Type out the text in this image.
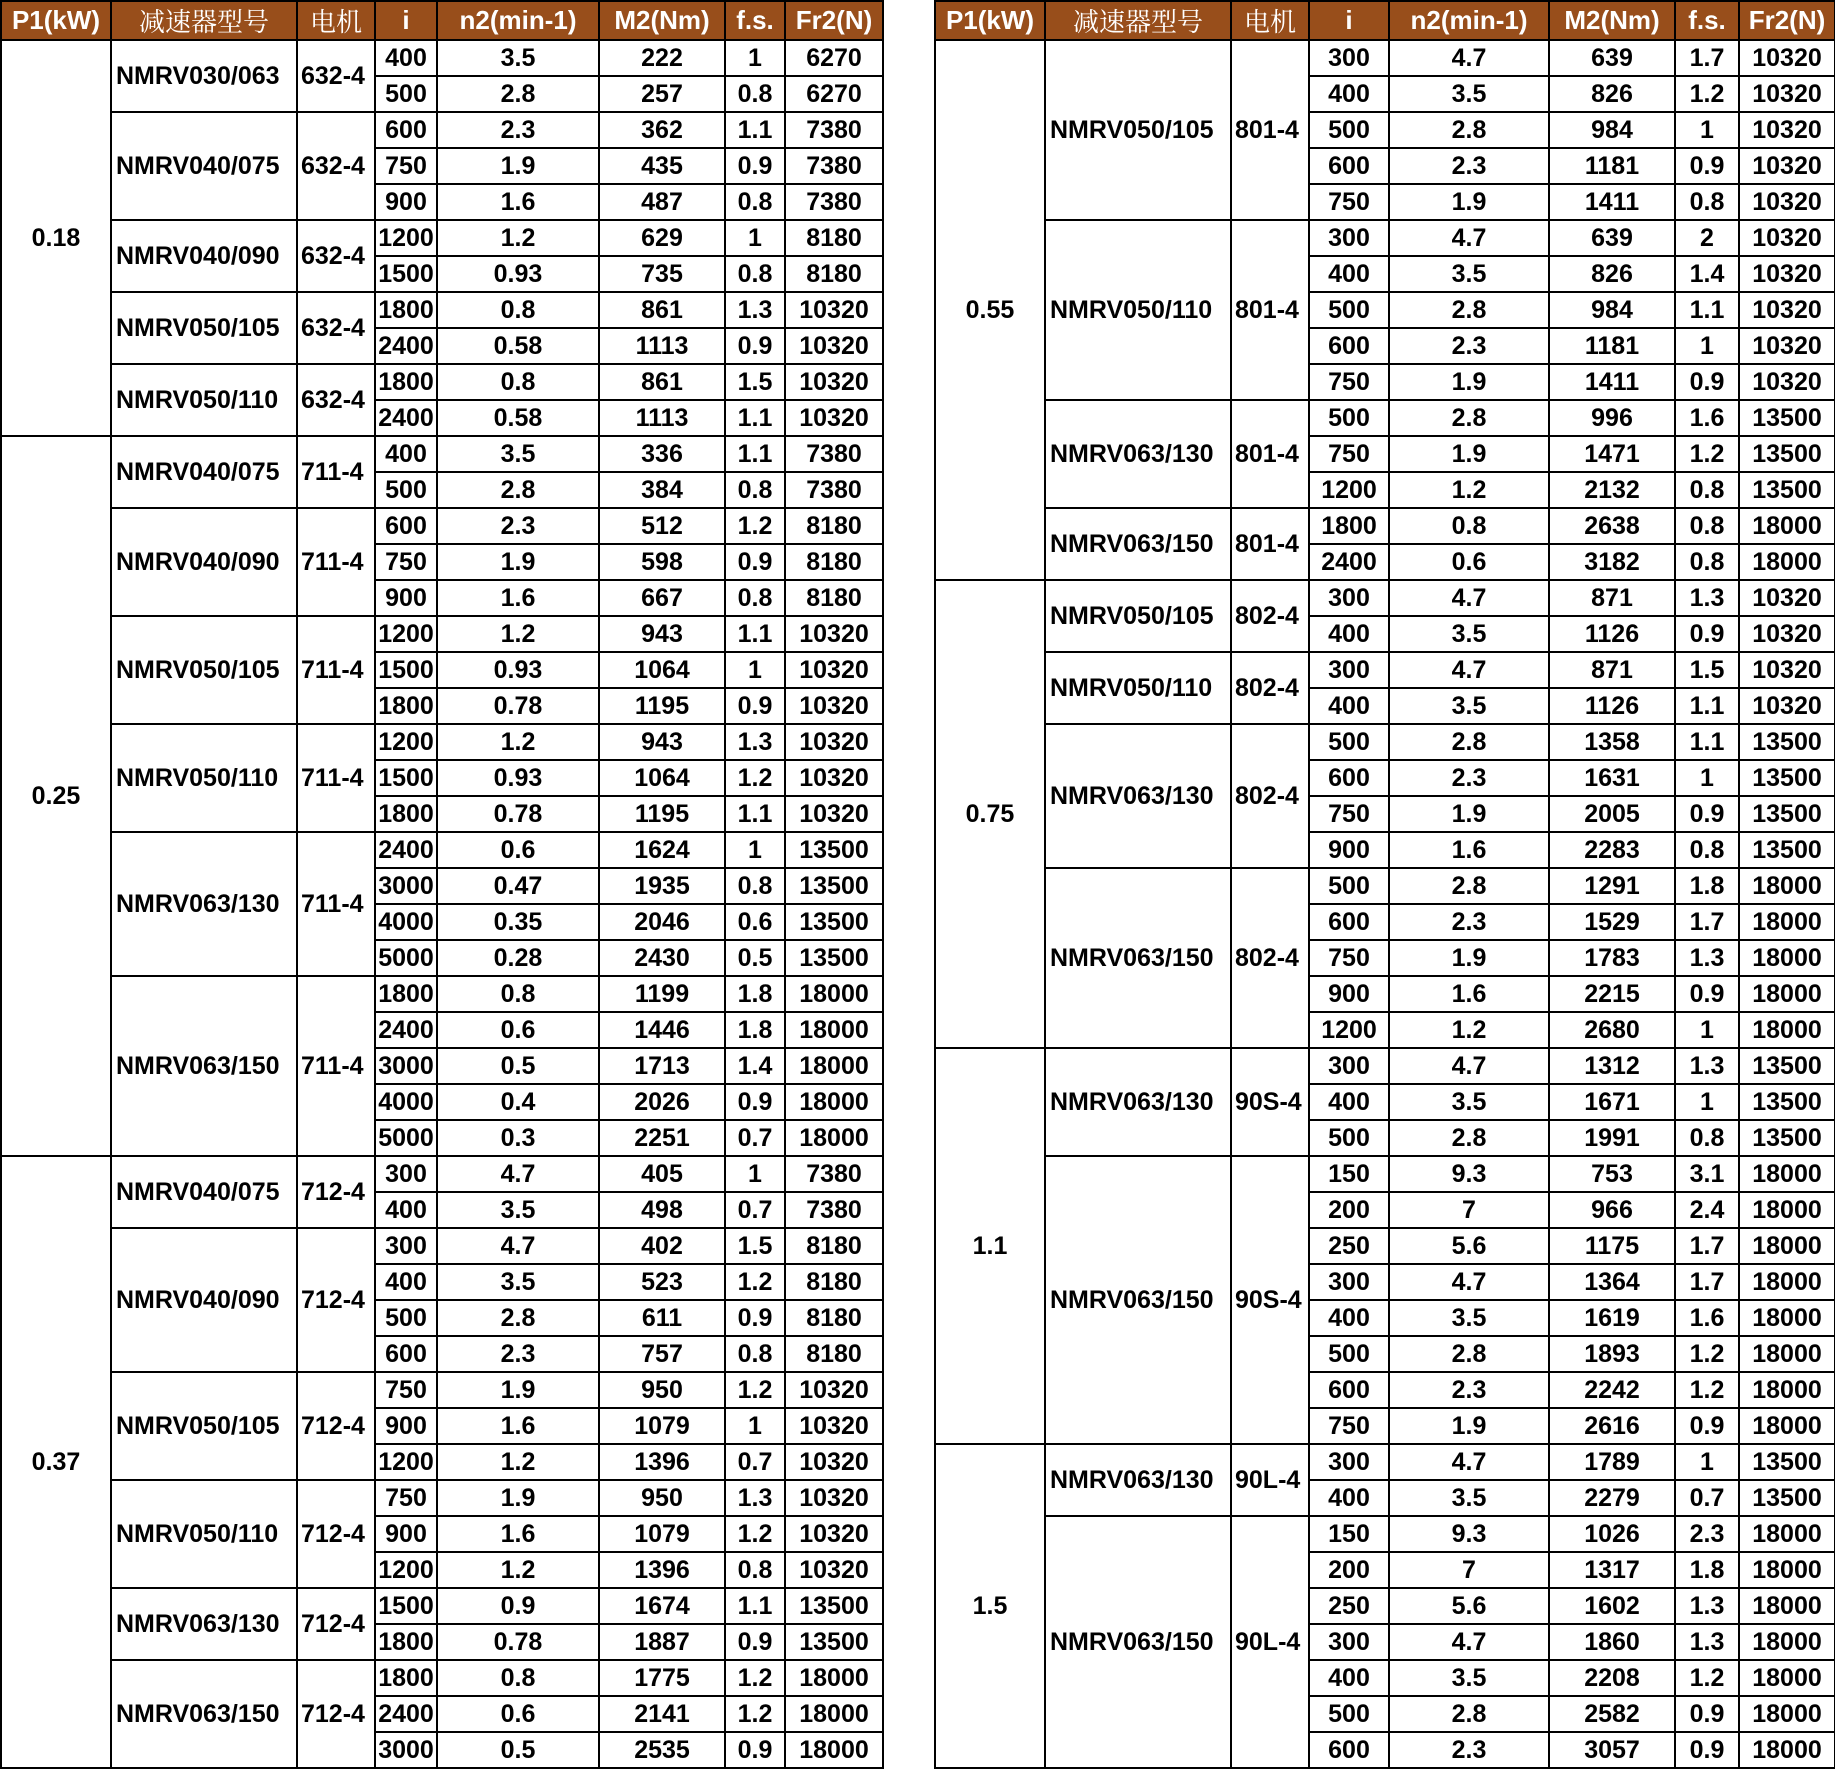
P1(kW)	减速器型号	电机	i	n2(min-1)	M2(Nm)	f.s.	Fr2(N)
0.18	NMRV030/063	632-4	400	3.5	222	1	6270
			500	2.8	257	0.8	6270
	NMRV040/075	632-4	600	2.3	362	1.1	7380
			750	1.9	435	0.9	7380
			900	1.6	487	0.8	7380
	NMRV040/090	632-4	1200	1.2	629	1	8180
			1500	0.93	735	0.8	8180
	NMRV050/105	632-4	1800	0.8	861	1.3	10320
			2400	0.58	1113	0.9	10320
	NMRV050/110	632-4	1800	0.8	861	1.5	10320
			2400	0.58	1113	1.1	10320
0.25	NMRV040/075	711-4	400	3.5	336	1.1	7380
			500	2.8	384	0.8	7380
	NMRV040/090	711-4	600	2.3	512	1.2	8180
			750	1.9	598	0.9	8180
			900	1.6	667	0.8	8180
	NMRV050/105	711-4	1200	1.2	943	1.1	10320
			1500	0.93	1064	1	10320
			1800	0.78	1195	0.9	10320
	NMRV050/110	711-4	1200	1.2	943	1.3	10320
			1500	0.93	1064	1.2	10320
			1800	0.78	1195	1.1	10320
	NMRV063/130	711-4	2400	0.6	1624	1	13500
			3000	0.47	1935	0.8	13500
			4000	0.35	2046	0.6	13500
			5000	0.28	2430	0.5	13500
	NMRV063/150	711-4	1800	0.8	1199	1.8	18000
			2400	0.6	1446	1.8	18000
			3000	0.5	1713	1.4	18000
			4000	0.4	2026	0.9	18000
			5000	0.3	2251	0.7	18000
0.37	NMRV040/075	712-4	300	4.7	405	1	7380
			400	3.5	498	0.7	7380
	NMRV040/090	712-4	300	4.7	402	1.5	8180
			400	3.5	523	1.2	8180
			500	2.8	611	0.9	8180
			600	2.3	757	0.8	8180
	NMRV050/105	712-4	750	1.9	950	1.2	10320
			900	1.6	1079	1	10320
			1200	1.2	1396	0.7	10320
	NMRV050/110	712-4	750	1.9	950	1.3	10320
			900	1.6	1079	1.2	10320
			1200	1.2	1396	0.8	10320
	NMRV063/130	712-4	1500	0.9	1674	1.1	13500
			1800	0.78	1887	0.9	13500
	NMRV063/150	712-4	1800	0.8	1775	1.2	18000
			2400	0.6	2141	1.2	18000
			3000	0.5	2535	0.9	18000
P1(kW)	减速器型号	电机	i	n2(min-1)	M2(Nm)	f.s.	Fr2(N)
0.55	NMRV050/105	801-4	300	4.7	639	1.7	10320
			400	3.5	826	1.2	10320
			500	2.8	984	1	10320
			600	2.3	1181	0.9	10320
			750	1.9	1411	0.8	10320
	NMRV050/110	801-4	300	4.7	639	2	10320
			400	3.5	826	1.4	10320
			500	2.8	984	1.1	10320
			600	2.3	1181	1	10320
			750	1.9	1411	0.9	10320
	NMRV063/130	801-4	500	2.8	996	1.6	13500
			750	1.9	1471	1.2	13500
			1200	1.2	2132	0.8	13500
	NMRV063/150	801-4	1800	0.8	2638	0.8	18000
			2400	0.6	3182	0.8	18000
0.75	NMRV050/105	802-4	300	4.7	871	1.3	10320
			400	3.5	1126	0.9	10320
	NMRV050/110	802-4	300	4.7	871	1.5	10320
			400	3.5	1126	1.1	10320
	NMRV063/130	802-4	500	2.8	1358	1.1	13500
			600	2.3	1631	1	13500
			750	1.9	2005	0.9	13500
			900	1.6	2283	0.8	13500
	NMRV063/150	802-4	500	2.8	1291	1.8	18000
			600	2.3	1529	1.7	18000
			750	1.9	1783	1.3	18000
			900	1.6	2215	0.9	18000
			1200	1.2	2680	1	18000
1.1	NMRV063/130	90S-4	300	4.7	1312	1.3	13500
			400	3.5	1671	1	13500
			500	2.8	1991	0.8	13500
	NMRV063/150	90S-4	150	9.3	753	3.1	18000
			200	7	966	2.4	18000
			250	5.6	1175	1.7	18000
			300	4.7	1364	1.7	18000
			400	3.5	1619	1.6	18000
			500	2.8	1893	1.2	18000
			600	2.3	2242	1.2	18000
			750	1.9	2616	0.9	18000
1.5	NMRV063/130	90L-4	300	4.7	1789	1	13500
			400	3.5	2279	0.7	13500
	NMRV063/150	90L-4	150	9.3	1026	2.3	18000
			200	7	1317	1.8	18000
			250	5.6	1602	1.3	18000
			300	4.7	1860	1.3	18000
			400	3.5	2208	1.2	18000
			500	2.8	2582	0.9	18000
			600	2.3	3057	0.9	18000
